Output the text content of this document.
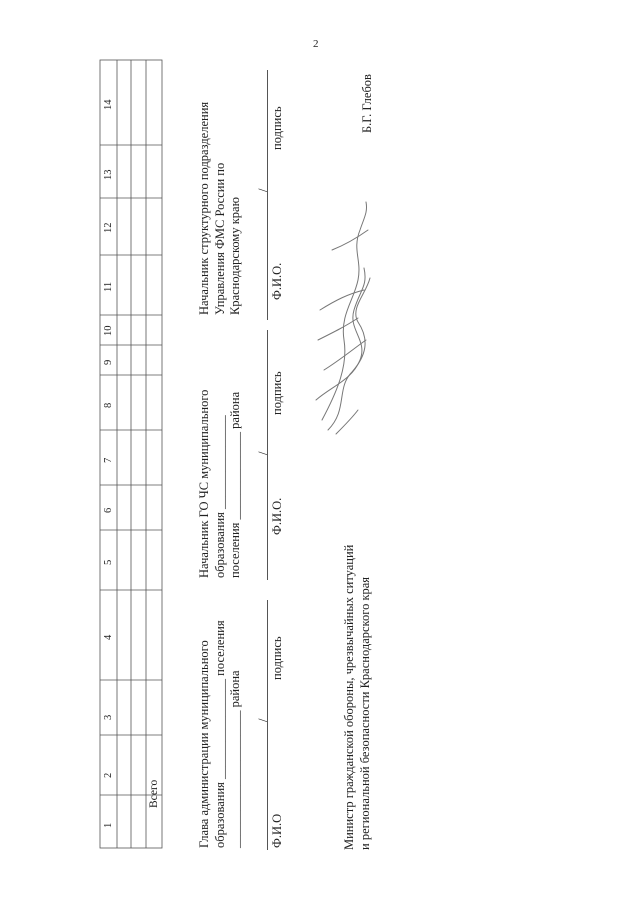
2
1
2
3
4
5
6
7
8
9
10
11
12
13
14
Всего	Глава администрации муниципального образования ________________ поселения
______________________ района
Ф.И.О
/
подпись
Начальник ГО ЧС муниципального образования _______________
поселения ______________ района
Ф.И.О.
/
подпись
Начальник структурного подразделения Управления ФМС России по Краснодарскому краю Ф.И.О.
/
подпись
Министр гражданской обороны, чрезвычайных ситуаций и региональной безопасности Краснодарского края
Б.Г. Глебов
